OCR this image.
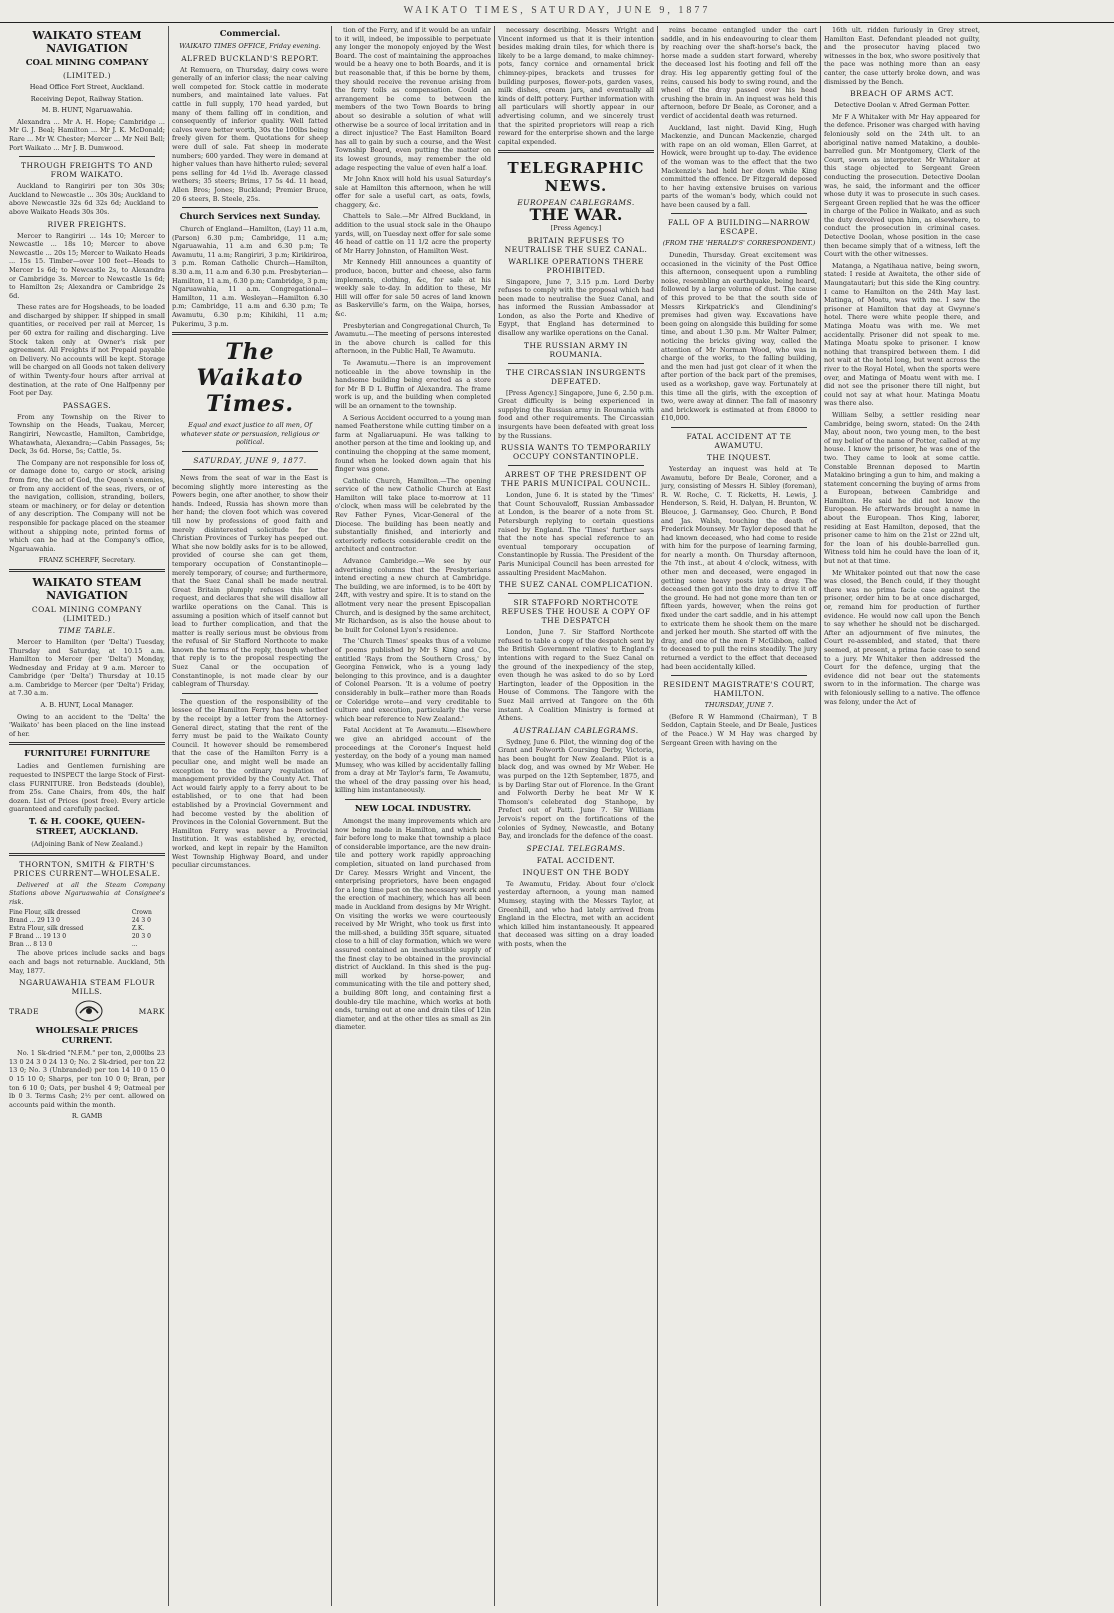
WAIKATO TIMES, SATURDAY, JUNE 9, 1877
WAIKATO STEAM NAVIGATION
COAL MINING COMPANY
(LIMITED.)

Head Office Fort Street, Auckland.

Receiving Depot, Railway Station.

M. B. HUNT, Ngaruawahia.

Alexandra ... Mr A. H. Hope; Cambridge ... Mr G. J. Beal; Hamilton ... Mr J. K. McDonald; Rare ... Mr W. Chester; Mercer ... Mr Neil Bell; Port Waikato ... Mr J. B. Dumwood.

THROUGH FREIGHTS TO AND FROM WAIKATO.

Auckland to Rangiriri per ton 30s 30s; Auckland to Newcastle ... 30s 30s; Auckland to above Newcastle 32s 6d 32s 6d; Auckland to above Waikato Heads 30s 30s.

RIVER FREIGHTS.

Mercer to Rangiriri ... 14s 10; Mercer to Newcastle ... 18s 10; Mercer to above Newcastle ... 20s 15; Mercer to Waikato Heads ... 15s 15. Timber—over 100 feet—Heads to Mercer 1s 6d; to Newcastle 2s, to Alexandra or Cambridge 3s. Mercer to Newcastle 1s 6d; to Hamilton 2s; Alexandra or Cambridge 2s 6d.

These rates are for Hogsheads, to be loaded and discharged by shipper. If shipped in small quantities, or received per rail at Mercer, 1s per 60 extra for railing and discharging. Live Stock taken only at Owner's risk per agreement. All Freights if not Prepaid payable on Delivery. No accounts will be kept. Storage will be charged on all Goods not taken delivery of within Twenty-four hours after arrival at destination, at the rate of One Halfpenny per Foot per Day.

PASSAGES.

From any Township on the River to Township on the Heads, Tuakau, Mercer, Rangiriri, Newcastle, Hamilton, Cambridge, Whatawhata, Alexandra;—Cabin Passages, 5s; Deck, 3s 6d. Horse, 5s; Cattle, 5s.

The Company are not responsible for loss of, or damage done to, cargo or stock, arising from fire, the act of God, the Queen's enemies, or from any accident of the seas, rivers, or of the navigation, collision, stranding, boilers, steam or machinery, or for delay or detention of any description. The Company will not be responsible for package placed on the steamer without a shipping note, printed forms of which can be had at the Company's office, Ngaruawahia.

FRANZ SCHERFF, Secretary.

WAIKATO STEAM NAVIGATION
COAL MINING COMPANY (LIMITED.)
TIME TABLE.

Mercer to Hamilton (per 'Delta') Tuesday, Thursday and Saturday, at 10.15 a.m. Hamilton to Mercer (per 'Delta') Monday, Wednesday and Friday at 9 a.m. Mercer to Cambridge (per 'Delta') Thursday at 10.15 a.m. Cambridge to Mercer (per 'Delta') Friday, at 7.30 a.m.

A. B. HUNT, Local Manager.

Owing to an accident to the 'Delta' the 'Waikato' has been placed on the line instead of her.

FURNITURE! FURNITURE

Ladies and Gentlemen furnishing are requested to INSPECT the large Stock of First-class FURNITURE. Iron Bedsteads (double), from 25s. Cane Chairs, from 40s, the half dozen. List of Prices (post free). Every article guaranteed and carefully packed.

T. & H. COOKE, QUEEN-STREET, AUCKLAND.

(Adjoining Bank of New Zealand.)

THORNTON, SMITH & FIRTH'S PRICES CURRENT—WHOLESALE.

Delivered at all the Steam Company Stations above Ngaruawahia at Consignee's risk.

Fine Flour, silk dressed	Crown
Brand ... 29 13 0	24 3 0
Extra Flour, silk dressed	Z.K.
F Brand ... 19 13 0	20 3 0
Bran ... 8 13 0	...

The above prices include sacks and bags each and bags not returnable. Auckland, 5th May, 1877.

NGARUAWAHIA STEAM FLOUR MILLS.
TRADE	MARK
WHOLESALE PRICES CURRENT.

No. 1 Sk-dried "N.F.M." per ton, 2,000lbs 23 13 0 24 3 0 24 13 0; No. 2 Sk-dried, per ton 22 13 0; No. 3 (Unbranded) per ton 14 10 0 15 0 0 15 10 0; Sharps, per ton 10 0 0; Bran, per ton 6 10 0; Oats, per bushel 4 9; Oatmeal per lb 0 3. Terms Cash; 2½ per cent. allowed on accounts paid within the month.

R. GAMB

Commercial.

WAIKATO TIMES OFFICE, Friday evening.

ALFRED BUCKLAND'S REPORT.

At Remuera, on Thursday, dairy cows were generally of an inferior class; the near calving well competed for. Stock cattle in moderate numbers, and maintained late values. Fat cattle in full supply, 170 head yarded, but many of them falling off in condition, and consequently of inferior quality. Well fatted calves were better worth, 30s the 100lbs being freely given for them. Quotations for sheep were dull of sale. Fat sheep in moderate numbers; 600 yarded. They were in demand at higher values than have hitherto ruled; several pens selling for 4d 1½d lb. Average classed wethers; 35 steers; Brims, 17 5s 4d. 11 head, Allen Bros; Jones; Buckland; Premier Bruce, 20 6 steers, B. Steele, 25s.

Church Services next Sunday.

Church of England—Hamilton, (Lay) 11 a.m, (Parson) 6.30 p.m; Cambridge, 11 a.m; Ngaruawahia, 11 a.m and 6.30 p.m; Te Awamutu, 11 a.m; Rangiriri, 3 p.m; Kirikiriroa, 3 p.m. Roman Catholic Church—Hamilton, 8.30 a.m, 11 a.m and 6.30 p.m. Presbyterian—Hamilton, 11 a.m, 6.30 p.m; Cambridge, 3 p.m; Ngaruawahia, 11 a.m. Congregational—Hamilton, 11 a.m. Wesleyan—Hamilton 6.30 p.m; Cambridge, 11 a.m and 6.30 p.m; Te Awamutu, 6.30 p.m; Kihikihi, 11 a.m; Pukerimu, 3 p.m.

The Waikato Times.

Equal and exact justice to all men, Of whatever state or persuasion, religious or political.

SATURDAY, JUNE 9, 1877.

News from the seat of war in the East is becoming slightly more interesting as the Powers begin, one after another, to show their hands. Indeed, Russia has shown more than her hand; the cloven foot which was covered till now by professions of good faith and merely disinterested solicitude for the Christian Provinces of Turkey has peeped out. What she now boldly asks for is to be allowed, provided of course she can get them, temporary occupation of Constantinople—merely temporary, of course; and furthermore, that the Suez Canal shall be made neutral. Great Britain plumply refuses this latter request, and declares that she will disallow all warlike operations on the Canal. This is assuming a position which of itself cannot but lead to further complication, and that the matter is really serious must be obvious from the refusal of Sir Stafford Northcote to make known the terms of the reply, though whether that reply is to the proposal respecting the Suez Canal or the occupation of Constantinople, is not made clear by our cablegram of Thursday.

The question of the responsibility of the lessee of the Hamilton Ferry has been settled by the receipt by a letter from the Attorney-General direct, stating that the rent of the ferry must be paid to the Waikato County Council. It however should be remembered that the case of the Hamilton Ferry is a peculiar one, and might well be made an exception to the ordinary regulation of management provided by the County Act. That Act would fairly apply to a ferry about to be established, or to one that had been established by a Provincial Government and had become vested by the abolition of Provinces in the Colonial Government. But the Hamilton Ferry was never a Provincial Institution. It was established by, erected, worked, and kept in repair by the Hamilton West Township Highway Board, and under peculiar circumstances.

tion of the Ferry, and if it would be an unfair to it will, indeed, be impossible to perpetuate any longer the monopoly enjoyed by the West Board. The cost of maintaining the approaches would be a heavy one to both Boards, and it is but reasonable that, if this be borne by them, they should receive the revenue arising from the ferry tolls as compensation. Could an arrangement be come to between the members of the two Town Boards to bring about so desirable a solution of what will otherwise be a source of local irritation and in a direct injustice? The East Hamilton Board has all to gain by such a course, and the West Township Board, even putting the matter on its lowest grounds, may remember the old adage respecting the value of even half a loaf.

Mr John Knox will hold his usual Saturday's sale at Hamilton this afternoon, when he will offer for sale a useful cart, as oats, fowls, chaggery, &c.

Chattels to Sale.—Mr Alfred Buckland, in addition to the usual stock sale in the Ohaupo yards, will, on Tuesday next offer for sale some 46 head of cattle on 11 1/2 acre the property of Mr Harry Johnston, of Hamilton West.

Mr Kennedy Hill announces a quantity of produce, bacon, butter and cheese, also farm implements, clothing, &c, for sale at his weekly sale to-day. In addition to these, Mr Hill will offer for sale 50 acres of land known as Baskerville's farm, on the Waipa, horses, &c.

Presbyterian and Congregational Church, Te Awamutu.—The meeting of persons interested in the above church is called for this afternoon, in the Public Hall, Te Awamutu.

Te Awamutu.—There is an improvement noticeable in the above township in the handsome building being erected as a store for Mr B D L Buffin of Alexandra. The frame work is up, and the building when completed will be an ornament to the township.

A Serious Accident occurred to a young man named Featherstone while cutting timber on a farm at Ngaliaruapuni. He was talking to another person at the time and looking up, and continuing the chopping at the same moment, found when he looked down again that his finger was gone.

Catholic Church, Hamilton.—The opening service of the new Catholic Church at East Hamilton will take place to-morrow at 11 o'clock, when mass will be celebrated by the Rev Father Fynes, Vicar-General of the Diocese. The building has been neatly and substantially finished, and interiorly and exteriorly reflects considerable credit on the architect and contractor.

Advance Cambridge.—We see by our advertising columns that the Presbyterians intend erecting a new church at Cambridge. The building, we are informed, is to be 40ft by 24ft, with vestry and spire. It is to stand on the allotment very near the present Episcopalian Church, and is designed by the same architect, Mr Richardson, as is also the house about to be built for Colonel Lyon's residence.

The 'Church Times' speaks thus of a volume of poems published by Mr S King and Co., entitled 'Rays from the Southern Cross,' by Georgina Fenwick, who is a young lady belonging to this province, and is a daughter of Colonel Pearson. 'It is a volume of poetry considerably in bulk—rather more than Roads or Coleridge wrote—and very creditable to culture and execution, particularly the verse which bear reference to New Zealand.'

Fatal Accident at Te Awamutu.—Elsewhere we give an abridged account of the proceedings at the Coroner's Inquest held yesterday, on the body of a young man named Mumsey, who was killed by accidentally falling from a dray at Mr Taylor's farm, Te Awamutu, the wheel of the dray passing over his head, killing him instantaneously.

NEW LOCAL INDUSTRY.

Amongst the many improvements which are now being made in Hamilton, and which bid fair before long to make that township a place of considerable importance, are the new drain-tile and pottery work rapidly approaching completion, situated on land purchased from Dr Carey. Messrs Wright and Vincent, the enterprising proprietors, have been engaged for a long time past on the necessary work and the erection of machinery, which has all been made in Auckland from designs by Mr Wright. On visiting the works we were courteously received by Mr Wright, who took us first into the mill-shed, a building 35ft square, situated close to a hill of clay formation, which we were assured contained an inexhaustible supply of the finest clay to be obtained in the provincial district of Auckland. In this shed is the pug-mill worked by horse-power, and communicating with the tile and pottery shed, a building 80ft long, and containing first a double-dry tile machine, which works at both ends, turning out at one and drain tiles of 12in diameter, and at the other tiles as small as 2in diameter.

necessary describing. Messrs Wright and Vincent informed us that it is their intention besides making drain tiles, for which there is likely to be a large demand, to make chimney-pots, fancy cornice and ornamental brick chimney-pipes, brackets and trusses for building purposes, flower-pots, garden vases, milk dishes, cream jars, and eventually all kinds of delft pottery. Further information with all particulars will shortly appear in our advertising column, and we sincerely trust that the spirited proprietors will reap a rich reward for the enterprise shown and the large capital expended.

TELEGRAPHIC NEWS.
EUROPEAN CABLEGRAMS.
THE WAR.

[Press Agency.]

BRITAIN REFUSES TO NEUTRALISE THE SUEZ CANAL.
WARLIKE OPERATIONS THERE PROHIBITED.

Singapore, June 7, 3.15 p.m. Lord Derby refuses to comply with the proposal which had been made to neutralise the Suez Canal, and has informed the Russian Ambassador at London, as also the Porte and Khedive of Egypt, that England has determined to disallow any warlike operations on the Canal.

THE RUSSIAN ARMY IN ROUMANIA.
THE CIRCASSIAN INSURGENTS DEFEATED.

[Press Agency.] Singapore, June 6, 2.50 p.m. Great difficulty is being experienced in supplying the Russian army in Roumania with food and other requirements. The Circassian insurgents have been defeated with great loss by the Russians.

RUSSIA WANTS TO TEMPORARILY OCCUPY CONSTANTINOPLE.
ARREST OF THE PRESIDENT OF THE PARIS MUNICIPAL COUNCIL.

London, June 6. It is stated by the 'Times' that Count Schouvaloff, Russian Ambassador at London, is the bearer of a note from St. Petersburgh replying to certain questions raised by England. The 'Times' further says that the note has special reference to an eventual temporary occupation of Constantinople by Russia. The President of the Paris Municipal Council has been arrested for assaulting President MacMahon.

THE SUEZ CANAL COMPLICATION.
SIR STAFFORD NORTHCOTE REFUSES THE HOUSE A COPY OF THE DESPATCH

London, June 7. Sir Stafford Northcote refused to table a copy of the despatch sent by the British Government relative to England's intentions with regard to the Suez Canal on the ground of the inexpediency of the step, even though he was asked to do so by Lord Hartington, leader of the Opposition in the House of Commons. The Tangore with the Suez Mail arrived at Tangore on the 6th instant. A Coalition Ministry is formed at Athens.

AUSTRALIAN CABLEGRAMS.

Sydney, June 6. Pilot, the winning dog of the Grant and Folworth Coursing Derby, Victoria, has been bought for New Zealand. Pilot is a black dog, and was owned by Mr Weber. He was purped on the 12th September, 1875, and is by Darling Star out of Florence. In the Grant and Folworth Derby he beat Mr W K Thomson's celebrated dog Stanhope, by Prefect out of Patti. June 7. Sir William Jervois's report on the fortifications of the colonies of Sydney, Newcastle, and Botany Bay, and ironclads for the defence of the coast.

SPECIAL TELEGRAMS.
FATAL ACCIDENT.
INQUEST ON THE BODY

Te Awamutu, Friday. About four o'clock yesterday afternoon, a young man named Mumsey, staying with the Messrs Taylor, at Greenhill, and who had lately arrived from England in the Electra, met with an accident which killed him instantaneously. It appeared that deceased was sitting on a dray loaded with posts, when the

reins became entangled under the cart saddle, and in his endeavouring to clear them by reaching over the shaft-horse's back, the horse made a sudden start forward, whereby the deceased lost his footing and fell off the dray. His leg apparently getting foul of the reins, caused his body to swing round, and the wheel of the dray passed over his head crushing the brain in. An inquest was held this afternoon, before Dr Beale, as Coroner, and a verdict of accidental death was returned.

Auckland, last night. David King, Hugh Mackenzie, and Duncan Mackenzie, charged with rape on an old woman, Ellen Garret, at Howick, were brought up to-day. The evidence of the woman was to the effect that the two Mackenzie's had held her down while King committed the offence. Dr Fitzgerald deposed to her having extensive bruises on various parts of the woman's body, which could not have been caused by a fall.

FALL OF A BUILDING—NARROW ESCAPE.

(FROM THE 'HERALD'S' CORRESPONDENT.)

Dunedin, Thursday. Great excitement was occasioned in the vicinity of the Post Office this afternoon, consequent upon a rumbling noise, resembling an earthquake, being heard, followed by a large volume of dust. The cause of this proved to be that the south side of Messrs Kirkpatrick's and Glendining's premises had given way. Excavations have been going on alongside this building for some time, and about 1.30 p.m. Mr Walter Palmer, noticing the bricks giving way, called the attention of Mr Norman Wood, who was in charge of the works, to the falling building, and the men had just got clear of it when the after portion of the back part of the premises, used as a workshop, gave way. Fortunately at this time all the girls, with the exception of two, were away at dinner. The fall of masonry and brickwork is estimated at from £8000 to £10,000.

FATAL ACCIDENT AT TE AWAMUTU.
THE INQUEST.

Yesterday an inquest was held at Te Awamutu, before Dr Beale, Coroner, and a jury, consisting of Messrs H. Sibley (foreman), R. W. Roche, C. T. Ricketts, H. Lewis, J. Henderson, S. Reid, H. Dalyan, H. Brunton, W. Bleucoe, J. Garmansey, Geo. Church, P. Bond and Jas. Walsh, touching the death of Frederick Mounsey. Mr Taylor deposed that he had known deceased, who had come to reside with him for the purpose of learning farming, for nearly a month. On Thursday afternoon, the 7th inst., at about 4 o'clock, witness, with other men and deceased, were engaged in getting some heavy posts into a dray. The deceased then got into the dray to drive it off the ground. He had not gone more than ten or fifteen yards, however, when the reins got fixed under the cart saddle, and in his attempt to extricate them he shook them on the mare and jerked her mouth. She started off with the dray, and one of the men F McGibbon, called to deceased to pull the reins steadily. The jury returned a verdict to the effect that deceased had been accidentally killed.

RESIDENT MAGISTRATE'S COURT, HAMILTON.

THURSDAY, JUNE 7.

(Before R W Hammond (Chairman), T B Seddon, Captain Steele, and Dr Beale, Justices of the Peace.) W M Hay was charged by Sergeant Green with having on the

16th ult. ridden furiously in Grey street, Hamilton East. Defendant pleaded not guilty, and the prosecutor having placed two witnesses in the box, who swore positively that the pace was nothing more than an easy canter, the case utterly broke down, and was dismissed by the Bench.

BREACH OF ARMS ACT.

Detective Doolan v. Afred German Potter.

Mr F A Whitaker with Mr Hay appeared for the defence. Prisoner was charged with having feloniously sold on the 24th ult. to an aboriginal native named Matakino, a double-barrelled gun. Mr Montgomery, Clerk of the Court, sworn as interpreter. Mr Whitaker at this stage objected to Sergeant Green conducting the prosecution. Detective Doolan was, he said, the informant and the officer whose duty it was to prosecute in such cases. Sergeant Green replied that he was the officer in charge of the Police in Waikato, and as such the duty devolved upon him, as elsewhere, to conduct the prosecution in criminal cases. Detective Doolan, whose position in the case then became simply that of a witness, left the Court with the other witnesses.

Matanga, a Ngatihaua native, being sworn, stated: I reside at Awaiteta, the other side of Maungatautari; but this side the King country. I came to Hamilton on the 24th May last. Matinga, of Moatu, was with me. I saw the prisoner at Hamilton that day at Gwynne's hotel. There were white people there, and Matinga Moatu was with me. We met accidentally. Prisoner did not speak to me. Matinga Moatu spoke to prisoner. I know nothing that transpired between them. I did not wait at the hotel long, but went across the river to the Royal Hotel, when the sports were over, and Matinga of Moatu went with me. I did not see the prisoner there till night, but could not say at what hour. Matinga Moatu was there also.

William Selby, a settler residing near Cambridge, being sworn, stated: On the 24th May, about noon, two young men, to the best of my belief of the name of Potter, called at my house. I know the prisoner, he was one of the two. They came to look at some cattle. Constable Brennan deposed to Martin Matakino bringing a gun to him, and making a statement concerning the buying of arms from a European, between Cambridge and Hamilton. He said he did not know the European. He afterwards brought a name in about the European. Thos King, laborer, residing at East Hamilton, deposed, that the prisoner came to him on the 21st or 22nd ult, for the loan of his double-barrelled gun. Witness told him he could have the loan of it, but not at that time.

Mr Whitaker pointed out that now the case was closed, the Bench could, if they thought there was no prima facie case against the prisoner, order him to be at once discharged, or, remand him for production of further evidence. He would now call upon the Bench to say whether he should not be discharged. After an adjournment of five minutes, the Court re-assembled, and stated, that there seemed, at present, a prima facie case to send to a jury. Mr Whitaker then addressed the Court for the defence, urging that the evidence did not bear out the statements sworn to in the information. The charge was with feloniously selling to a native. The offence was felony, under the Act of
